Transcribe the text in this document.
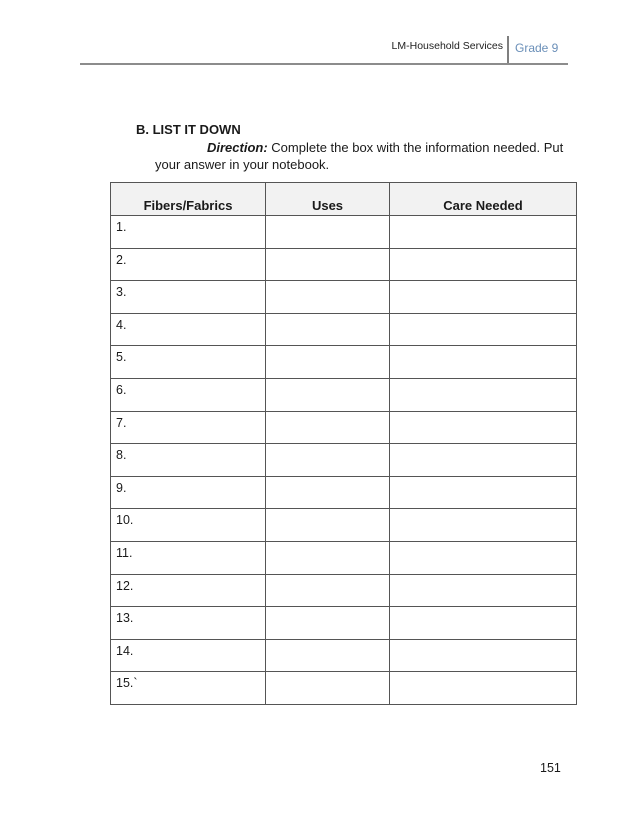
LM-Household Services Grade 9
B. LIST IT DOWN
Direction: Complete the box with the information needed. Put your answer in your notebook.
Fibers/Fabrics	Uses	Care Needed

1.		

2.		

3.		

4.		

5.		

6.		

7.		

8.		

9.		

10.		

11.		

12.		

13.		

14.		

15.`		

151
